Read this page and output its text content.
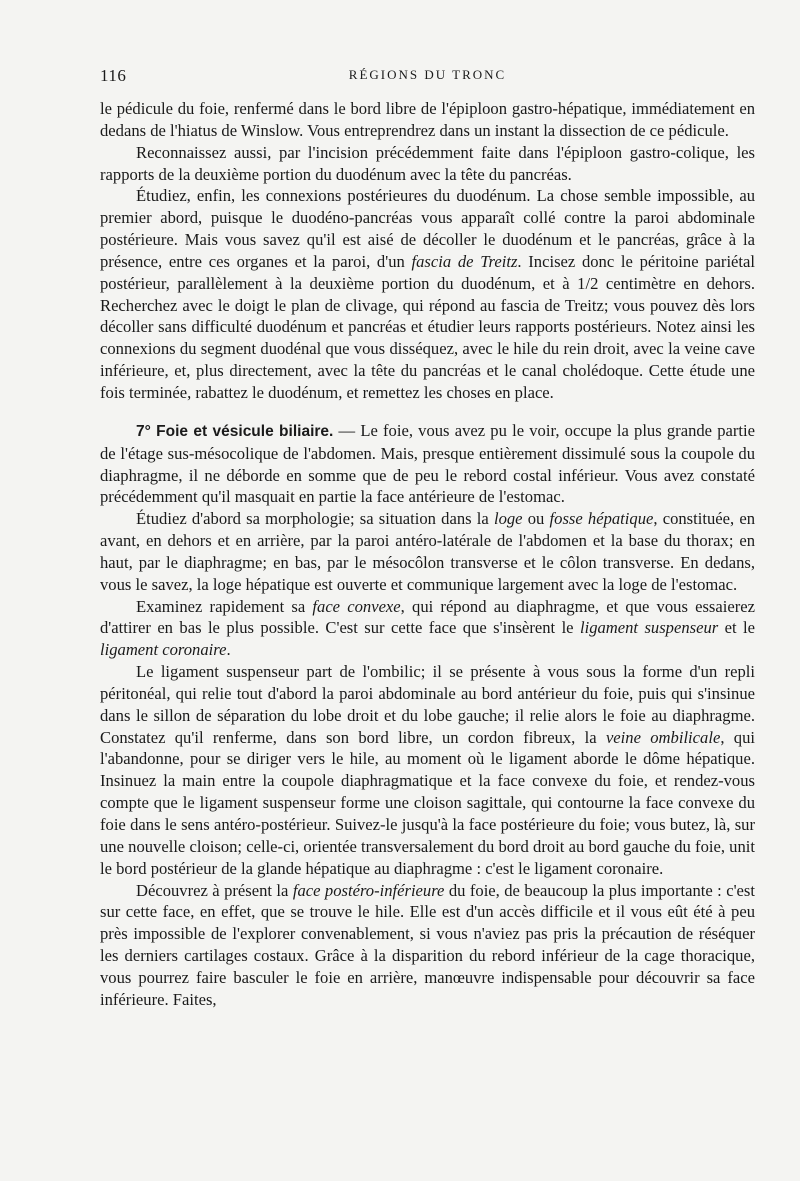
116	RÉGIONS DU TRONC

le pédicule du foie, renfermé dans le bord libre de l'épiploon gastro-hépatique, immédiatement en dedans de l'hiatus de Winslow. Vous entreprendrez dans un instant la dissection de ce pédicule.

Reconnaissez aussi, par l'incision précédemment faite dans l'épiploon gastro-colique, les rapports de la deuxième portion du duodénum avec la tête du pancréas.

Étudiez, enfin, les connexions postérieures du duodénum. La chose semble impossible, au premier abord, puisque le duodéno-pancréas vous apparaît collé contre la paroi abdominale postérieure. Mais vous savez qu'il est aisé de décoller le duodénum et le pancréas, grâce à la présence, entre ces organes et la paroi, d'un fascia de Treitz. Incisez donc le péritoine pariétal postérieur, parallèlement à la deuxième portion du duodénum, et à 1/2 centimètre en dehors. Recherchez avec le doigt le plan de clivage, qui répond au fascia de Treitz; vous pouvez dès lors décoller sans difficulté duodénum et pancréas et étudier leurs rapports postérieurs. Notez ainsi les connexions du segment duodénal que vous disséquez, avec le hile du rein droit, avec la veine cave inférieure, et, plus directement, avec la tête du pancréas et le canal cholédoque. Cette étude une fois terminée, rabattez le duodénum, et remettez les choses en place.

7° Foie et vésicule biliaire. — Le foie, vous avez pu le voir, occupe la plus grande partie de l'étage sus-mésocolique de l'abdomen. Mais, presque entièrement dissimulé sous la coupole du diaphragme, il ne déborde en somme que de peu le rebord costal inférieur. Vous avez constaté précédemment qu'il masquait en partie la face antérieure de l'estomac.

Étudiez d'abord sa morphologie; sa situation dans la loge ou fosse hépatique, constituée, en avant, en dehors et en arrière, par la paroi antéro-latérale de l'abdomen et la base du thorax; en haut, par le diaphragme; en bas, par le mésocôlon transverse et le côlon transverse. En dedans, vous le savez, la loge hépatique est ouverte et communique largement avec la loge de l'estomac.

Examinez rapidement sa face convexe, qui répond au diaphragme, et que vous essaierez d'attirer en bas le plus possible. C'est sur cette face que s'insèrent le ligament suspenseur et le ligament coronaire.

Le ligament suspenseur part de l'ombilic; il se présente à vous sous la forme d'un repli péritonéal, qui relie tout d'abord la paroi abdominale au bord antérieur du foie, puis qui s'insinue dans le sillon de séparation du lobe droit et du lobe gauche; il relie alors le foie au diaphragme. Constatez qu'il renferme, dans son bord libre, un cordon fibreux, la veine ombilicale, qui l'abandonne, pour se diriger vers le hile, au moment où le ligament aborde le dôme hépatique. Insinuez la main entre la coupole diaphragmatique et la face convexe du foie, et rendez-vous compte que le ligament suspenseur forme une cloison sagittale, qui contourne la face convexe du foie dans le sens antéro-postérieur. Suivez-le jusqu'à la face postérieure du foie; vous butez, là, sur une nouvelle cloison; celle-ci, orientée transversalement du bord droit au bord gauche du foie, unit le bord postérieur de la glande hépatique au diaphragme : c'est le ligament coronaire.

Découvrez à présent la face postéro-inférieure du foie, de beaucoup la plus importante : c'est sur cette face, en effet, que se trouve le hile. Elle est d'un accès difficile et il vous eût été à peu près impossible de l'explorer convenablement, si vous n'aviez pas pris la précaution de réséquer les derniers cartilages costaux. Grâce à la disparition du rebord inférieur de la cage thoracique, vous pourrez faire basculer le foie en arrière, manœuvre indispensable pour découvrir sa face inférieure. Faites,
